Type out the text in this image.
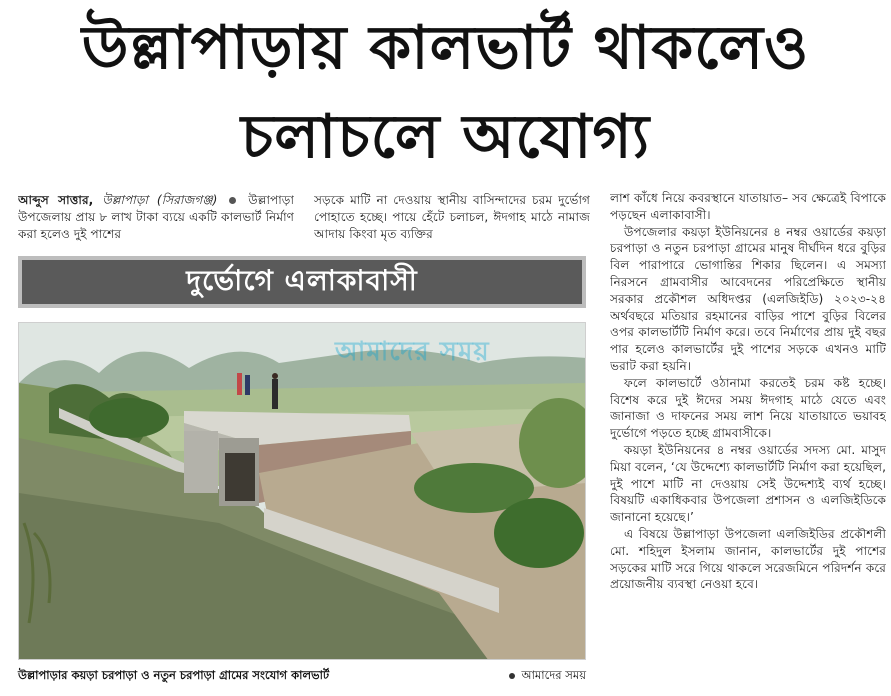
উল্লাপাড়ায় কালভার্ট থাকলেও
চলাচলে অযোগ্য

আব্দুস সাত্তার, উল্লাপাড়া (সিরাজগঞ্জ)	উল্লাপাড়া উপজেলায় প্রায় ৮ লাখ টাকা ব্যয়ে একটি কালভার্ট নির্মাণ করা হলেও দুই পাশের

সড়কে মাটি না দেওয়ায় স্থানীয় বাসিন্দাদের চরম দুর্ভোগ পোহাতে হচ্ছে। পায়ে হেঁটে চলাচল, ঈদগাহ মাঠে নামাজ আদায় কিংবা মৃত ব্যক্তির

লাশ কাঁধে নিয়ে কবরস্থানে যাতায়াত– সব ক্ষেত্রেই বিপাকে পড়ছেন এলাকাবাসী।

উপজেলার কয়ড়া ইউনিয়নের ৪ নম্বর ওয়ার্ডের কয়ড়া চরপাড়া ও নতুন চরপাড়া গ্রামের মানুষ দীর্ঘদিন ধরে বুড়ির বিল পারাপারে ভোগান্তির শিকার ছিলেন। এ সমস্যা নিরসনে গ্রামবাসীর আবেদনের পরিপ্রেক্ষিতে স্থানীয় সরকার প্রকৌশল অধিদপ্তর (এলজিইডি) ২০২৩-২৪ অর্থবছরে মতিয়ার রহমানের বাড়ির পাশে বুড়ির বিলের ওপর কালভার্টটি নির্মাণ করে। তবে নির্মাণের প্রায় দুই বছর পার হলেও কালভার্টের দুই পাশের সড়কে এখনও মাটি ভরাট করা হয়নি।

ফলে কালভার্টে ওঠানামা করতেই চরম কষ্ট হচ্ছে। বিশেষ করে দুই ঈদের সময় ঈদগাহ মাঠে যেতে এবং জানাজা ও দাফনের সময় লাশ নিয়ে যাতায়াতে ভয়াবহ দুর্ভোগে পড়তে হচ্ছে গ্রামবাসীকে।

কয়ড়া ইউনিয়নের ৪ নম্বর ওয়ার্ডের সদস্য মো. মাসুদ মিয়া বলেন, ‘যে উদ্দেশ্যে কালভার্টটি নির্মাণ করা হয়েছিল, দুই পাশে মাটি না দেওয়ায় সেই উদ্দেশ্যই ব্যর্থ হচ্ছে। বিষয়টি একাধিকবার উপজেলা প্রশাসন ও এলজিইডিকে জানানো হয়েছে।’

এ বিষয়ে উল্লাপাড়া উপজেলা এলজিইডির প্রকৌশলী মো. শহিদুল ইসলাম জানান, কালভার্টের দুই পাশের সড়কের মাটি সরে গিয়ে থাকলে সরেজমিনে পরিদর্শন করে প্রয়োজনীয় ব্যবস্থা নেওয়া হবে।

দুর্ভোগে এলাকাবাসী
আমাদের সময়
উল্লাপাড়ার কয়ড়া চরপাড়া ও নতুন চরপাড়া গ্রামের সংযোগ কালভার্ট	আমাদের সময়
